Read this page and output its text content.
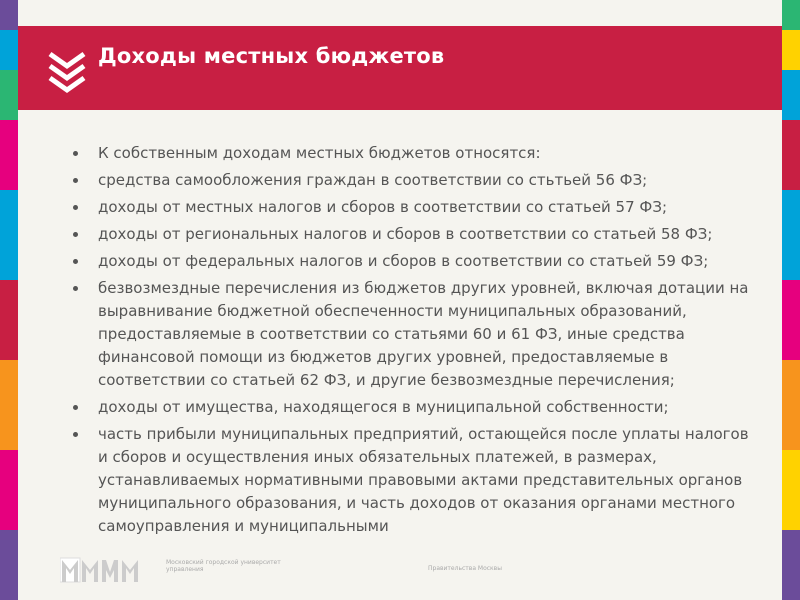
Доходы местных бюджетов
К собственным доходам местных бюджетов относятся:
средства самообложения граждан в соответствии со стьтьей 56 ФЗ;
доходы от местных налогов и сборов в соответствии со статьей 57 ФЗ;
доходы от региональных налогов и сборов в соответствии со статьей 58 ФЗ;
доходы от федеральных налогов и сборов в соответствии со статьей 59 ФЗ;
безвозмездные перечисления из бюджетов других уровней, включая дотации на выравнивание бюджетной обеспеченности муниципальных образований, предоставляемые в соответствии со статьями 60 и 61 ФЗ, иные средства финансовой помощи из бюджетов других уровней, предоставляемые в соответствии со статьей 62 ФЗ, и другие безвозмездные перечисления;
доходы от имущества, находящегося в муниципальной собственности;
часть прибыли муниципальных предприятий, остающейся после уплаты налогов и сборов и осуществления иных обязательных платежей, в размерах, устанавливаемых нормативными правовыми актами представительных органов муниципального образования, и часть доходов от оказания органами местного самоуправления и муниципальными
Московский городской университет управления	Правительства Москвы
